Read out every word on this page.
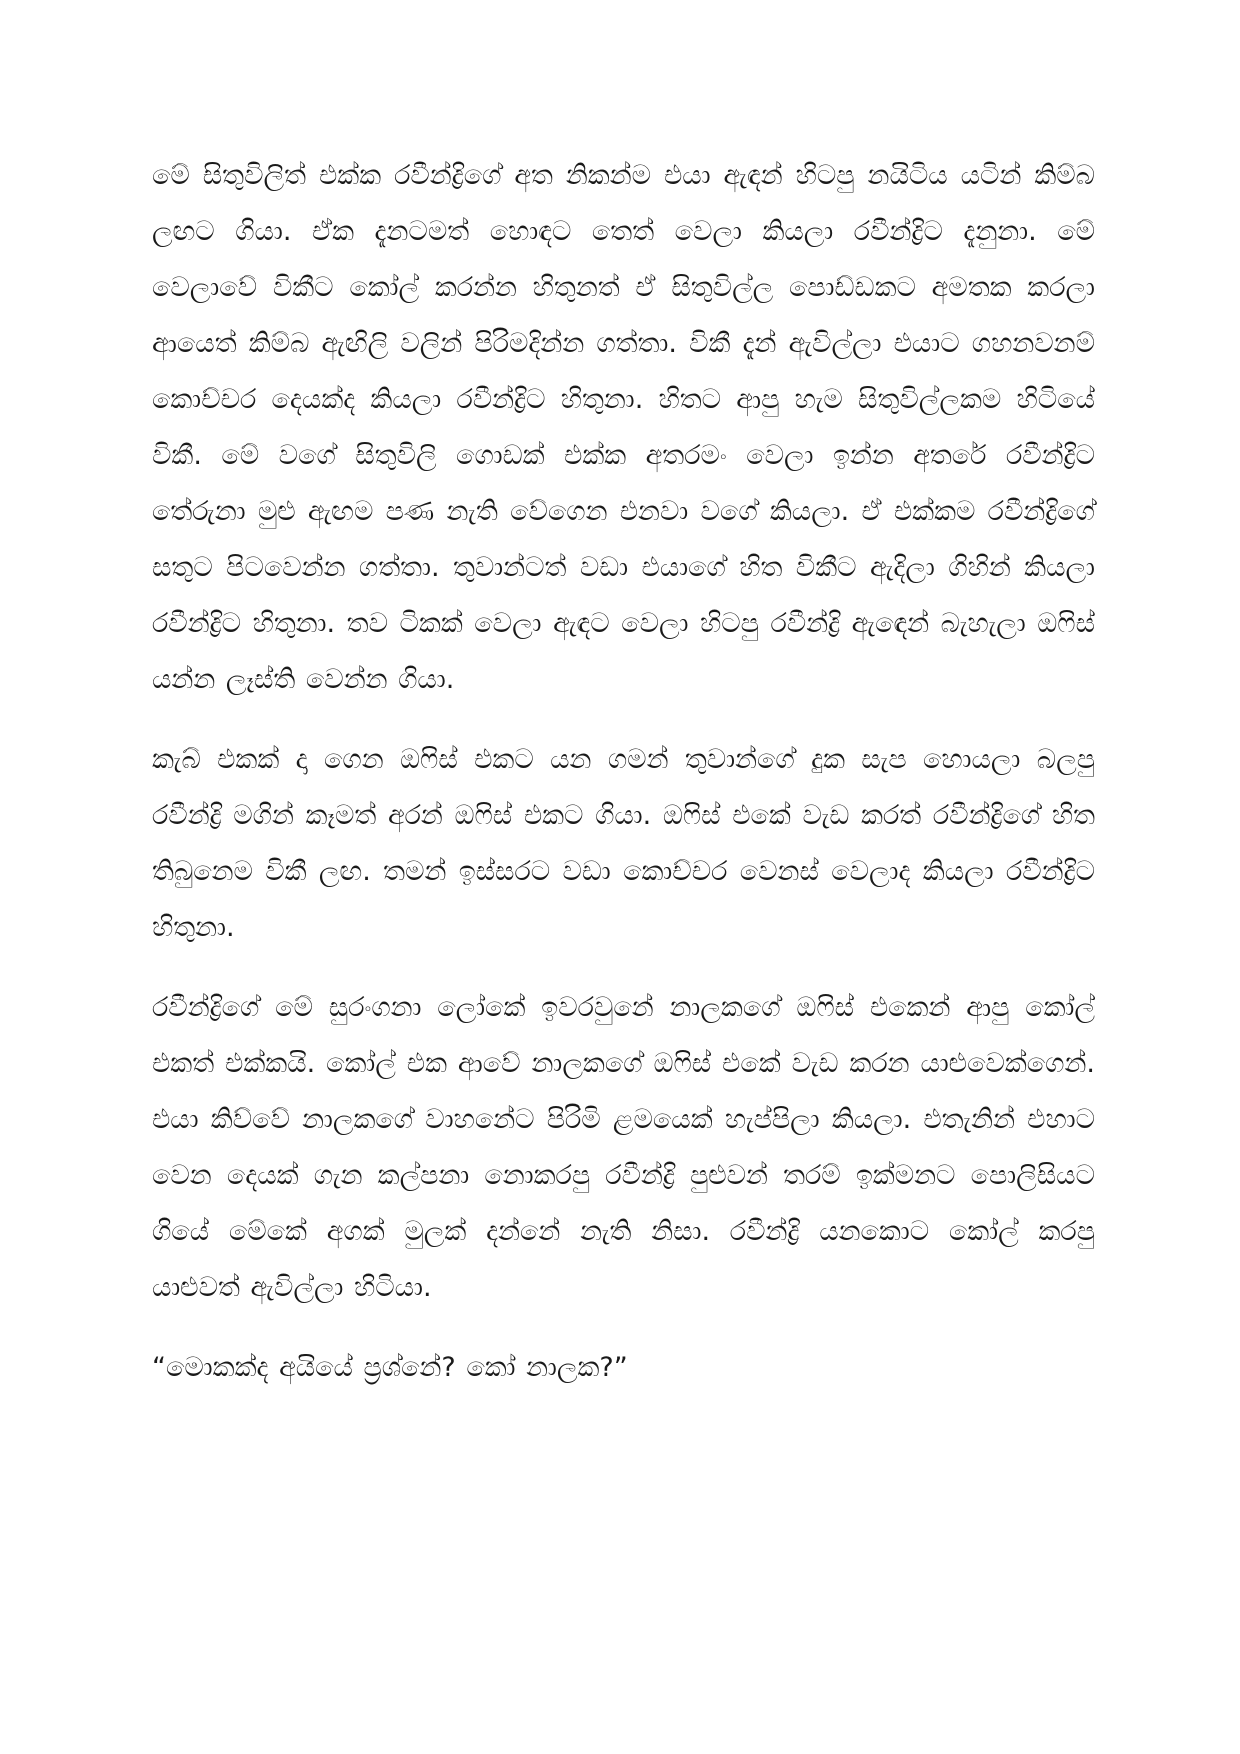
මේ සිතුවිලිත් එක්ක රවීන්ද්‍රිගේ අත නිකන්ම එයා ඇඳන් හිටපු නයිටිය යටින් කිම්බ ලඟට ගියා. ඒක දැනටමත් හොඳට තෙත් වෙලා කියලා රවීන්ද්‍රිට දැනුනා. මේ වෙලාවේ විකීට කෝල් කරන්න හිතුනත් ඒ සිතුවිල්ල පොඩ්ඩකට අමතක කරලා ආයෙත් කිම්බ ඇඟිලි වලින් පිරිමදින්න ගත්තා. විකී දැන් ඇවිල්ලා එයාට ගහනවනම් කොච්චර දෙයක්ද කියලා රවීන්ද්‍රිට හිතුනා. හිතට ආපු හැම සිතුවිල්ලකම හිටියේ විකී. මේ වගේ සිතුවිලි ගොඩක් එක්ක අතරමං වෙලා ඉන්න අතරේ රවීන්ද්‍රිට තේරුනා මුළු ඇඟම පණ නැති වේගෙන එනවා වගේ කියලා. ඒ එක්කම රවීන්ද්‍රිගේ සතුට පිටවෙන්න ගත්තා. තුවාන්ටත් වඩා එයාගේ හිත විකීට ඇදිලා ගිහින් කියලා රවීන්ද්‍රිට හිතුනා. තව ටිකක් වෙලා ඇඳට වෙලා හිටපු රවීන්ද්‍රි ඇඳෙන් බැහැලා ඔෆිස් යන්න ලෑස්ති වෙන්න ගියා.

කැබ් එකක් දා ගෙන ඔෆිස් එකට යන ගමන් තුවාන්ගේ දුක සැප හොයලා බලපු රවීන්ද්‍රි මගින් කෑමත් අරන් ඔෆිස් එකට ගියා. ඔෆිස් එකේ වැඩ කරත් රවීන්ද්‍රිගේ හිත තිබුනෙම විකී ලඟ. තමන් ඉස්සරට වඩා කොච්චර වෙනස් වෙලාද කියලා රවීන්ද්‍රිට හිතුනා.

රවීන්ද්‍රිගේ මේ සුරංගනා ලෝකේ ඉවරවුනේ නාලකගේ ඔෆිස් එකෙන් ආපු කෝල් එකත් එක්කයි. කෝල් එක ආවේ නාලකගේ ඔෆිස් එකේ වැඩ කරන යාළුවෙක්ගෙන්. එයා කිව්වේ නාලකගේ වාහනේට පිරිමි ළමයෙක් හැප්පිලා කියලා. එතැනින් එහාට වෙන දෙයක් ගැන කල්පනා නොකරපු රවීන්ද්‍රි පුළුවන් තරම් ඉක්මනට පොලිසියට ගියේ මේකේ අගක් මුලක් දන්නේ නැති නිසා. රවීන්ද්‍රි යනකොට කෝල් කරපු යාළුවත් ඇවිල්ලා හිටියා.

“මොකක්ද අයියේ ප්‍රශ්නේ? කෝ නාලක?”
